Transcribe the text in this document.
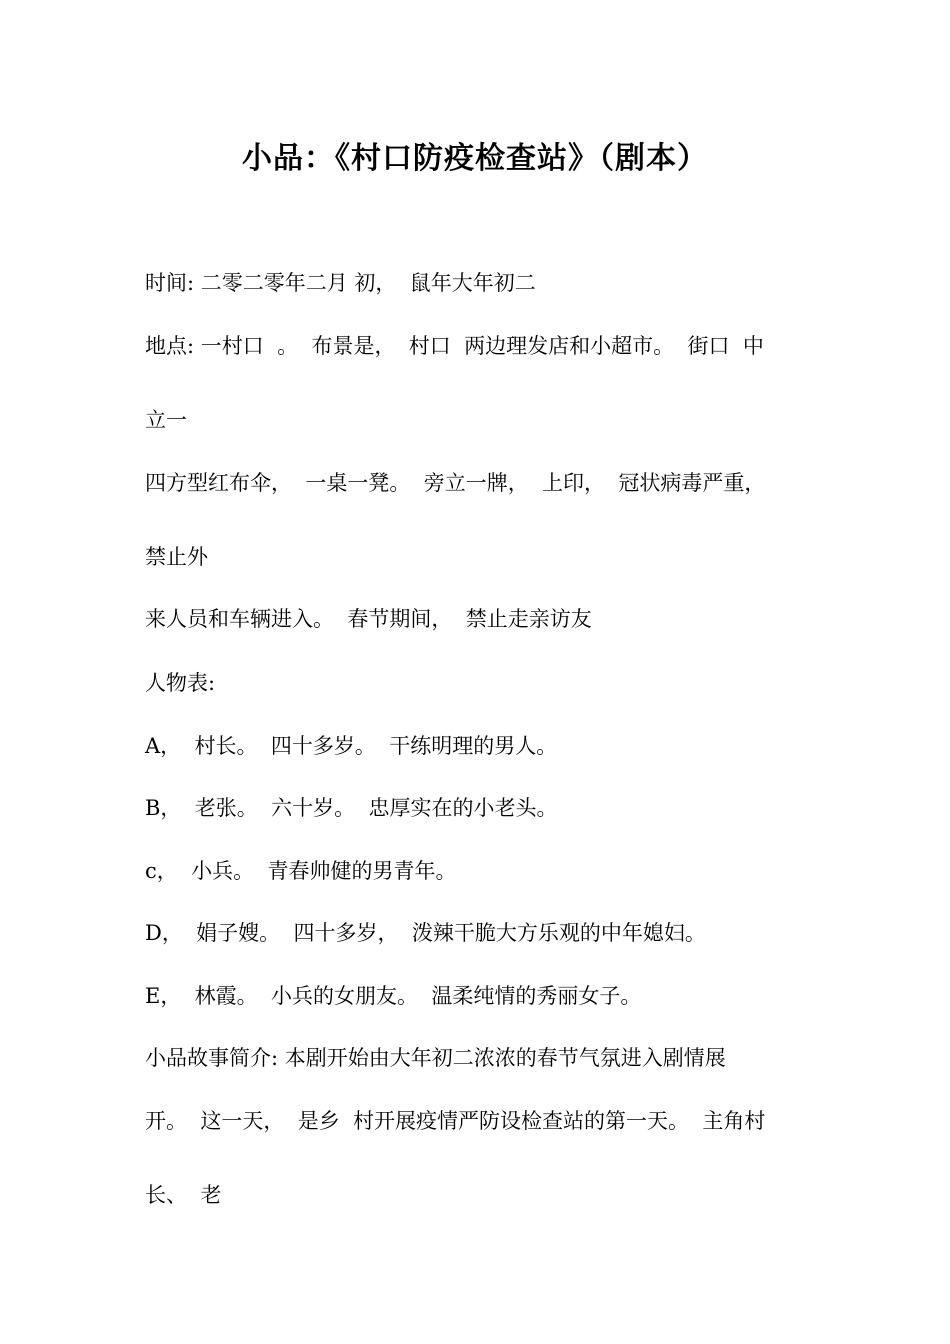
小品：《村口防疫检查站》（剧本）
时间: 二零二零年二月 初，  鼠年大年初二
地点: 一村口  。  布景是，  村口  两边理发店和小超市。  街口  中
立一
四方型红布伞，  一桌一凳。  旁立一牌，  上印，  冠状病毒严重，
禁止外
来人员和车辆进入。  春节期间，  禁止走亲访友
人物表:
A，  村长。  四十多岁。  干练明理的男人。
B，  老张。  六十岁。  忠厚实在的小老头。
c，  小兵。  青春帅健的男青年。
D，  娟子嫂。  四十多岁，  泼辣干脆大方乐观的中年媳妇。
E，  林霞。  小兵的女朋友。  温柔纯情的秀丽女子。
小品故事简介: 本剧开始由大年初二浓浓的春节气氛进入剧情展
开。  这一天，  是乡  村开展疫情严防设检查站的第一天。  主角村
长、  老
